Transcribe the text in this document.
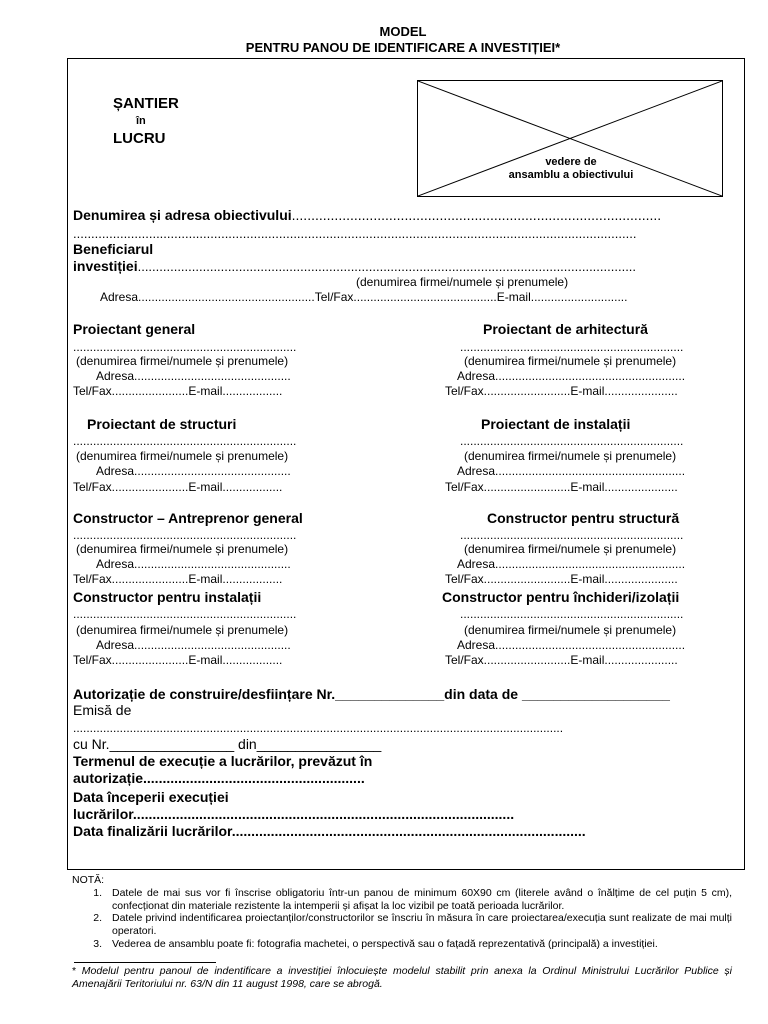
MODEL
PENTRU PANOU DE IDENTIFICARE A INVESTIȚIEI*
ȘANTIER
în
LUCRU
vedere de
ansamblu a obiectivului
Denumirea și adresa obiectivului...............................................................................................
............................................................................................................................................................
Beneficiarul
investiției..........................................................................................................................................
(denumirea firmei/numele și prenumele)
Adresa.....................................................Tel/Fax...........................................E-mail.............................
Proiectant general	Proiectant de arhitectură
...................................................................	...................................................................
(denumirea firmei/numele și prenumele)	(denumirea firmei/numele și prenumele)
Adresa...............................................	Adresa.........................................................
Tel/Fax.......................E-mail..................	Tel/Fax..........................E-mail......................
Proiectant de structuri	Proiectant de instalații
...................................................................	...................................................................
(denumirea firmei/numele și prenumele)	(denumirea firmei/numele și prenumele)
Adresa...............................................	Adresa.........................................................
Tel/Fax.......................E-mail..................	Tel/Fax..........................E-mail......................
Constructor – Antreprenor general	Constructor pentru structură
...................................................................	...................................................................
(denumirea firmei/numele și prenumele)	(denumirea firmei/numele și prenumele)
Adresa...............................................	Adresa.........................................................
Tel/Fax.......................E-mail..................	Tel/Fax..........................E-mail......................
Constructor pentru instalații	Constructor pentru închideri/izolații
...................................................................	...................................................................
(denumirea firmei/numele și prenumele)	(denumirea firmei/numele și prenumele)
Adresa...............................................	Adresa.........................................................
Tel/Fax.......................E-mail..................	Tel/Fax..........................E-mail......................
Autorizație de construire/desființare Nr.______________din data de ___________________
Emisă de
...................................................................................................................................................
cu Nr.________________ din________________
Termenul de execuție a lucrărilor, prevăzut în
autorizație.........................................................
Data începerii execuției
lucrărilor..................................................................................................
Data finalizării lucrărilor...........................................................................................
NOTĂ:
1. Datele de mai sus vor fi înscrise obligatoriu într-un panou de minimum 60X90 cm (literele având o înălțime de cel puțin 5 cm), confecționat din materiale rezistente la intemperii și afișat la loc vizibil pe toată perioada lucrărilor.
2. Datele privind indentificarea proiectanților/constructorilor se înscriu în măsura în care proiectarea/execuția sunt realizate de mai mulți operatori.
3. Vederea de ansamblu poate fi: fotografia machetei, o perspectivă sau o fațadă reprezentativă (principală) a investiției.
* Modelul pentru panoul de indentificare a investiției înlocuiește modelul stabilit prin anexa la Ordinul Ministrului Lucrărilor Publice și Amenajării Teritoriului nr. 63/N din 11 august 1998, care se abrogă.
